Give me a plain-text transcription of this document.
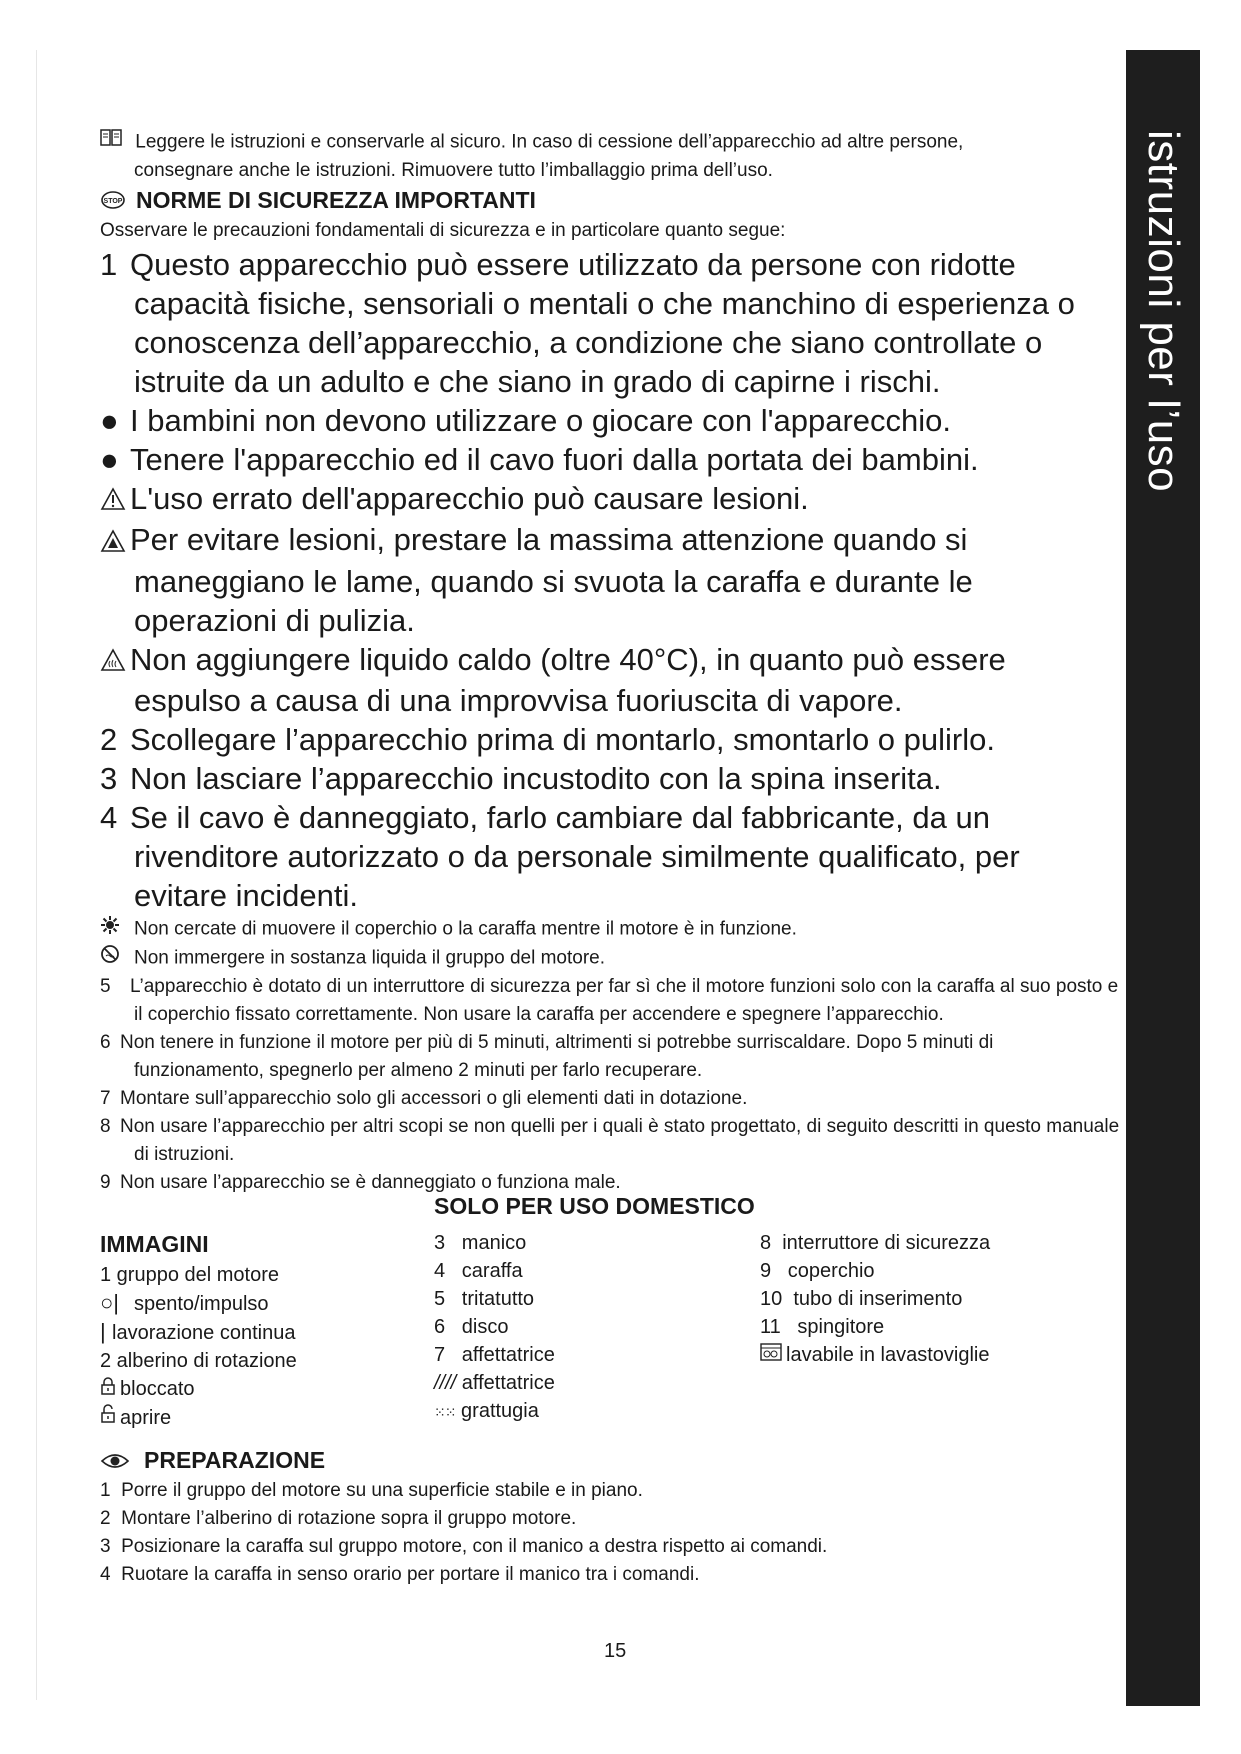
istruzioni per l’uso
Leggere le istruzioni e conservarle al sicuro. In caso di cessione dell’apparecchio ad altre persone,
consegnare anche le istruzioni. Rimuovere tutto l’imballaggio prima dell’uso.
STOP NORME DI SICUREZZA IMPORTANTI
Osservare le precauzioni fondamentali di sicurezza e in particolare quanto segue:
1 Questo apparecchio può essere utilizzato da persone con ridotte capacità fisiche, sensoriali o mentali o che manchino di esperienza o conoscenza dell’apparecchio, a condizione che siano controllate o istruite da un adulto e che siano in grado di capirne i rischi.
● I bambini non devono utilizzare o giocare con l'apparecchio.
● Tenere l'apparecchio ed il cavo fuori dalla portata dei bambini.
L'uso errato dell'apparecchio può causare lesioni.
Per evitare lesioni, prestare la massima attenzione quando si maneggiano le lame, quando si svuota la caraffa e durante le operazioni di pulizia.
Non aggiungere liquido caldo (oltre 40°C), in quanto può essere espulso a causa di una improvvisa fuoriuscita di vapore.
2 Scollegare l’apparecchio prima di montarlo, smontarlo o pulirlo.
3 Non lasciare l’apparecchio incustodito con la spina inserita.
4 Se il cavo è danneggiato, farlo cambiare dal fabbricante, da un rivenditore autorizzato o da personale similmente qualificato, per evitare incidenti.
Non cercate di muovere il coperchio o la caraffa mentre il motore è in funzione.
Non immergere in sostanza liquida il gruppo del motore.
5 L’apparecchio è dotato di un interruttore di sicurezza per far sì che il motore funzioni solo con la caraffa al suo posto e il coperchio fissato correttamente. Non usare la caraffa per accendere e spegnere l’apparecchio.
6 Non tenere in funzione il motore per più di 5 minuti, altrimenti si potrebbe surriscaldare. Dopo 5 minuti di funzionamento, spegnerlo per almeno 2 minuti per farlo recuperare.
7 Montare sull’apparecchio solo gli accessori o gli elementi dati in dotazione.
8 Non usare l’apparecchio per altri scopi se non quelli per i quali è stato progettato, di seguito descritti in questo manuale di istruzioni.
9 Non usare l’apparecchio se è danneggiato o funziona male.
SOLO PER USO DOMESTICO
IMMAGINI
1 gruppo del motore
○| spento/impulso
| lavorazione continua
2 alberino di rotazione
bloccato
aprire
3   manico
4   caraffa
5   tritatutto
6   disco
7   affettatrice
//// affettatrice
⁙⁙ grattugia
8  interruttore di sicurezza
9   coperchio
10  tubo di inserimento
11   spingitore
lavabile in lavastoviglie
PREPARAZIONE
1  Porre il gruppo del motore su una superficie stabile e in piano.
2  Montare l’alberino di rotazione sopra il gruppo motore.
3  Posizionare la caraffa sul gruppo motore, con il manico a destra rispetto ai comandi.
4  Ruotare la caraffa in senso orario per portare il manico tra i comandi.
15
